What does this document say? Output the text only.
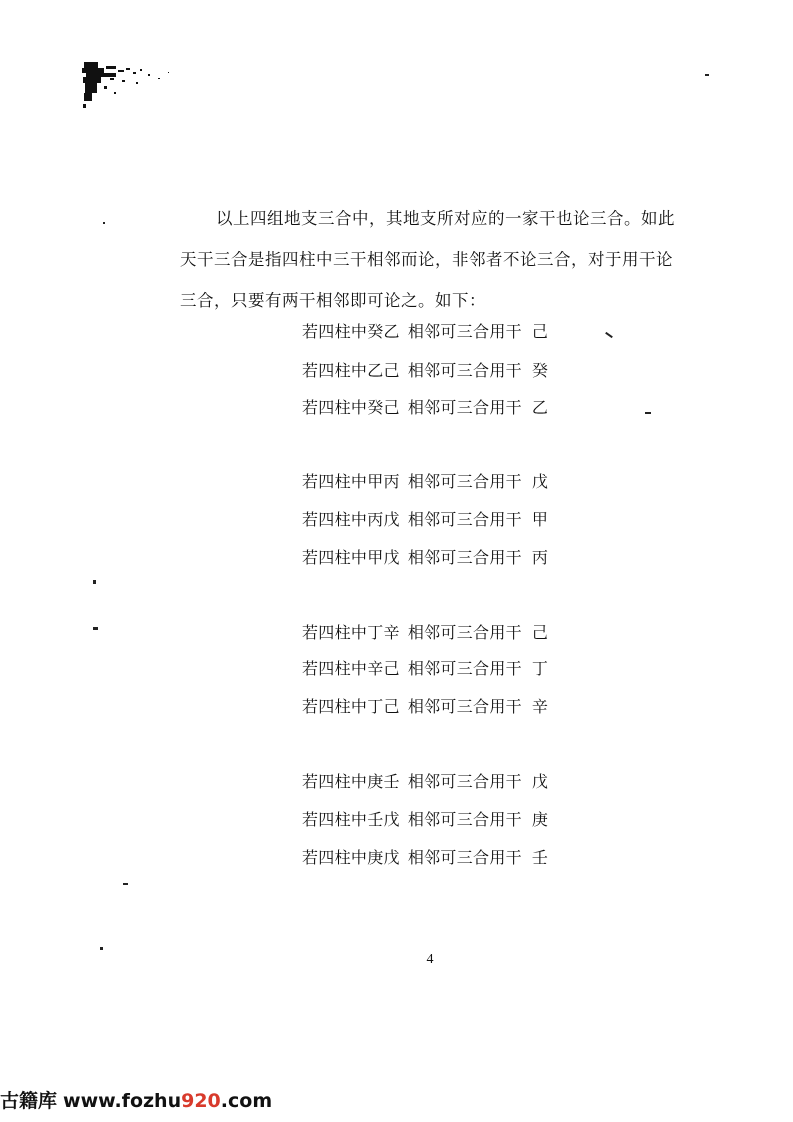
以上四组地支三合中，其地支所对应的一家干也论三合。如此
天干三合是指四柱中三干相邻而论，非邻者不论三合，对于用干论
三合，只要有两干相邻即可论之。如下：
若四柱中癸乙 相邻可三合用干 己
若四柱中乙己 相邻可三合用干 癸
若四柱中癸己 相邻可三合用干 乙
若四柱中甲丙 相邻可三合用干 戊
若四柱中丙戊 相邻可三合用干 甲
若四柱中甲戊 相邻可三合用干 丙
若四柱中丁辛 相邻可三合用干 己
若四柱中辛己 相邻可三合用干 丁
若四柱中丁己 相邻可三合用干 辛
若四柱中庚壬 相邻可三合用干 戊
若四柱中壬戊 相邻可三合用干 庚
若四柱中庚戊 相邻可三合用干 壬
4
古籍库 www.fozhu920.com
